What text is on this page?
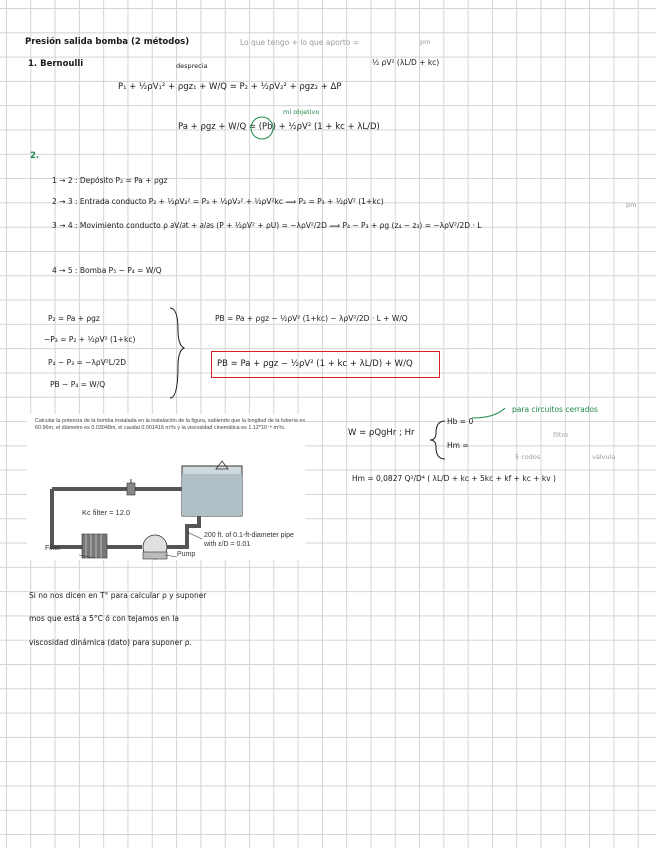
Presión salida bomba (2 métodos)	Lo que tengo + lo que aporto =	pm
1. Bernoulli	desprecia	½ ρV² (λL/D + kc)
P₁ + ½ρV₁² + ρgz₁ + W/Q = P₂ + ½ρV₂² + ρgz₂ + ΔP
mi objetivo
Pa + ρgz + W/Q = (Pb) + ½ρV² (1 + kc + λL/D)
2.
1 → 2 : Depósito P₂ = Pa + ρgz
2 → 3 : Entrada conducto P₂ + ½ρV₂² = P₃ + ½ρV₃² + ½ρV²kc ⟹ P₂ = P₃ + ½ρV² (1+kc)
3 → 4 : Movimiento conducto ρ ∂V/∂t + ∂/∂s (P + ½ρV² + ρU) = −λρV²/2D ⟹ P₄ − P₃ + ρg (z₄ − z₃) = −λρV²/2D · L
pm
4 → 5 : Bomba P₅ − P₄ = W/Q
P₂ = Pa + ρgz
−P₃ = P₂ + ½ρV² (1+kc)
P₄ − P₃ = −λρV²L/2D
PB − P₄ = W/Q
PB = Pa + ρgz − ½ρV² (1+kc) − λρV²/2D · L + W/Q
PB = Pa + ρgz − ½ρV² (1 + kc + λL/D) + W/Q
Calcular la potencia de la bomba instalada en la instalación de la figura, sabiendo que la longitud de la tubería es 60.96m, el diámetro es 0.03048m, el caudal 0.001416 m³/s y la viscosidad cinemática es 1.12*10⁻⁶ m²/s.
Kc filter = 12.0
Filter
Pump
200 ft. of 0.1-ft-diameter pipe with ε/D = 0.01
W = ρQgHr ; Hr
Hb = 0
Hm =
para circuitos cerrados
filtro
5 codos	válvula
Hm = 0,0827 Q²/D⁴ ( λL/D + kc + 5kc + kf + kc + kv )
Si no nos dicen en T° para calcular ρ y suponer
mos que está a 5°C ó con tejamos en la
viscosidad dinámica (dato) para suponer ρ.
